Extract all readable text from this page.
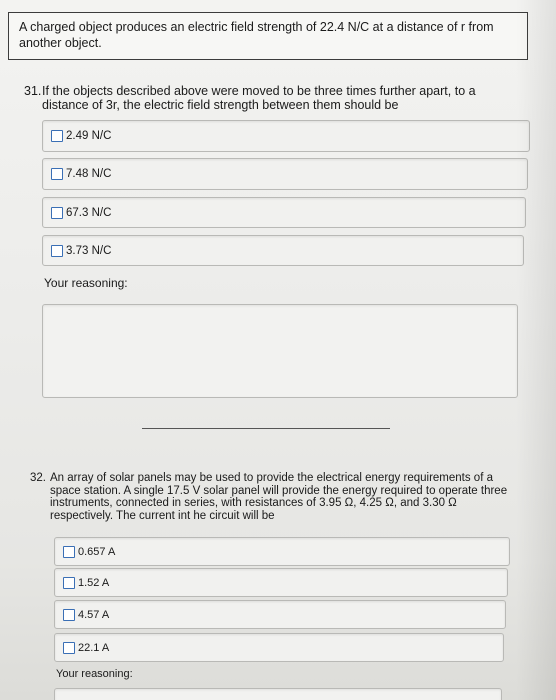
A charged object produces an electric field strength of 22.4 N/C at a distance of r from another object.
31. If the objects described above were moved to be three times further apart, to a distance of 3r, the electric field strength between them should be
2.49 N/C
7.48 N/C
67.3 N/C
3.73 N/C
Your reasoning:
32. An array of solar panels may be used to provide the electrical energy requirements of a space station. A single 17.5 V solar panel will provide the energy required to operate three instruments, connected in series, with resistances of 3.95 Ω, 4.25 Ω, and 3.30 Ω respectively. The current int he circuit will be
0.657 A
1.52 A
4.57 A
22.1 A
Your reasoning:
